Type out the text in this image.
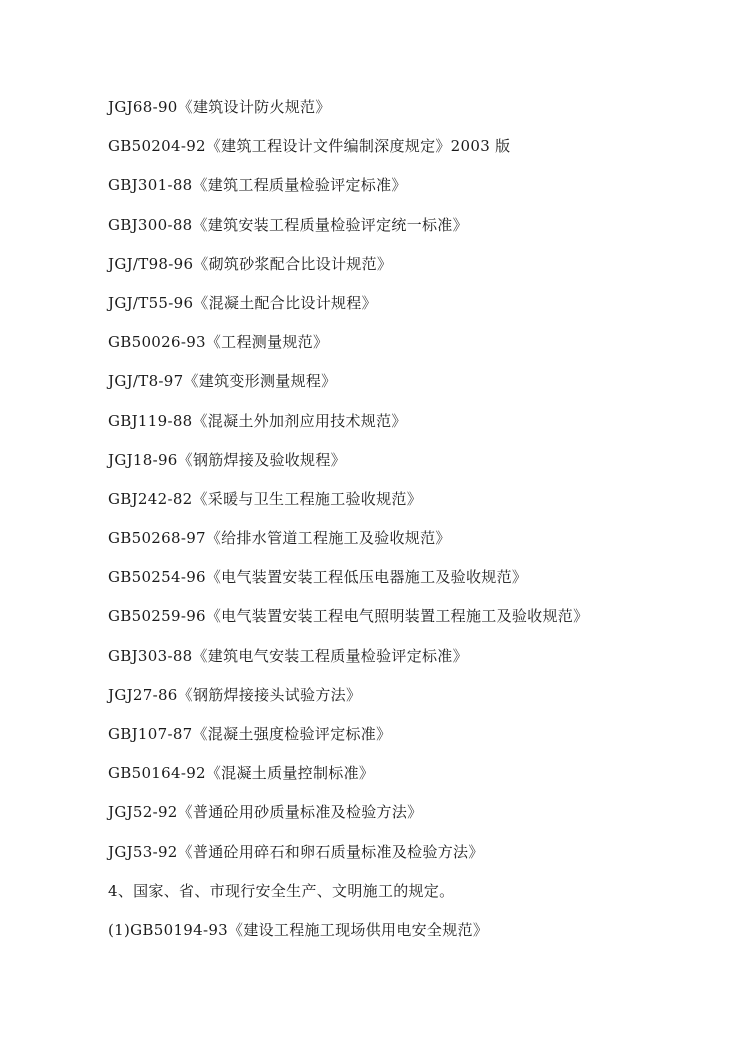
JGJ68-90《建筑设计防火规范》
GB50204-92《建筑工程设计文件编制深度规定》2003 版
GBJ301-88《建筑工程质量检验评定标准》
GBJ300-88《建筑安装工程质量检验评定统一标准》
JGJ/T98-96《砌筑砂浆配合比设计规范》
JGJ/T55-96《混凝土配合比设计规程》
GB50026-93《工程测量规范》
JGJ/T8-97《建筑变形测量规程》
GBJ119-88《混凝土外加剂应用技术规范》
JGJ18-96《钢筋焊接及验收规程》
GBJ242-82《采暖与卫生工程施工验收规范》
GB50268-97《给排水管道工程施工及验收规范》
GB50254-96《电气装置安装工程低压电器施工及验收规范》
GB50259-96《电气装置安装工程电气照明装置工程施工及验收规范》
GBJ303-88《建筑电气安装工程质量检验评定标准》
JGJ27-86《钢筋焊接接头试验方法》
GBJ107-87《混凝土强度检验评定标准》
GB50164-92《混凝土质量控制标准》
JGJ52-92《普通砼用砂质量标准及检验方法》
JGJ53-92《普通砼用碎石和卵石质量标准及检验方法》
4、国家、省、市现行安全生产、文明施工的规定。
(1)GB50194-93《建设工程施工现场供用电安全规范》
